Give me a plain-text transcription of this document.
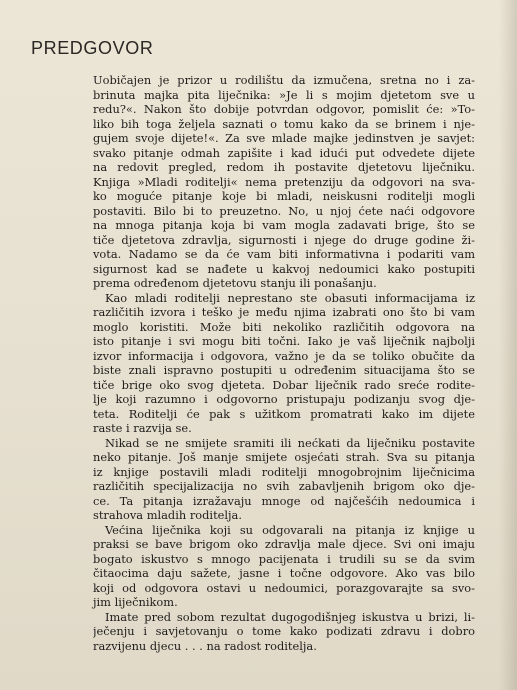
PREDGOVOR
Uobičajen je prizor u rodilištu da izmučena, sretna no i za-
brinuta majka pita liječnika: »Je li s mojim djetetom sve u
redu?«. Nakon što dobije potvrdan odgovor, pomislit će: »To-
liko bih toga željela saznati o tomu kako da se brinem i nje-
gujem svoje dijete!«. Za sve mlade majke jedinstven je savjet:
svako pitanje odmah zapišite i kad idući put odvedete dijete
na redovit pregled, redom ih postavite djetetovu liječniku.
Knjiga »Mladi roditelji« nema pretenziju da odgovori na sva-
ko moguće pitanje koje bi mladi, neiskusni roditelji mogli
postaviti. Bilo bi to preuzetno. No, u njoj ćete naći odgovore
na mnoga pitanja koja bi vam mogla zadavati brige, što se
tiče djetetova zdravlja, sigurnosti i njege do druge godine ži-
vota. Nadamo se da će vam biti informativna i podariti vam
sigurnost kad se nađete u kakvoj nedoumici kako postupiti
prema određenom djetetovu stanju ili ponašanju.
Kao mladi roditelji neprestano ste obasuti informacijama iz
različitih izvora i teško je među njima izabrati ono što bi vam
moglo koristiti. Može biti nekoliko različitih odgovora na
isto pitanje i svi mogu biti točni. Iako je vaš liječnik najbolji
izvor informacija i odgovora, važno je da se toliko obučite da
biste znali ispravno postupiti u određenim situacijama što se
tiče brige oko svog djeteta. Dobar liječnik rado sreće rodite-
lje koji razumno i odgovorno pristupaju podizanju svog dje-
teta. Roditelji će pak s užitkom promatrati kako im dijete
raste i razvija se.
Nikad se ne smijete sramiti ili nećkati da liječniku postavite
neko pitanje. Još manje smijete osjećati strah. Sva su pitanja
iz knjige postavili mladi roditelji mnogobrojnim liječnicima
različitih specijalizacija no svih zabavljenih brigom oko dje-
ce. Ta pitanja izražavaju mnoge od najčešćih nedoumica i
strahova mladih roditelja.
Većina liječnika koji su odgovarali na pitanja iz knjige u
praksi se bave brigom oko zdravlja male djece. Svi oni imaju
bogato iskustvo s mnogo pacijenata i trudili su se da svim
čitaocima daju sažete, jasne i točne odgovore. Ako vas bilo
koji od odgovora ostavi u nedoumici, porazgovarajte sa svo-
jim liječnikom.
Imate pred sobom rezultat dugogodišnjeg iskustva u brizi, li-
ječenju i savjetovanju o tome kako podizati zdravu i dobro
razvijenu djecu . . . na radost roditelja.
